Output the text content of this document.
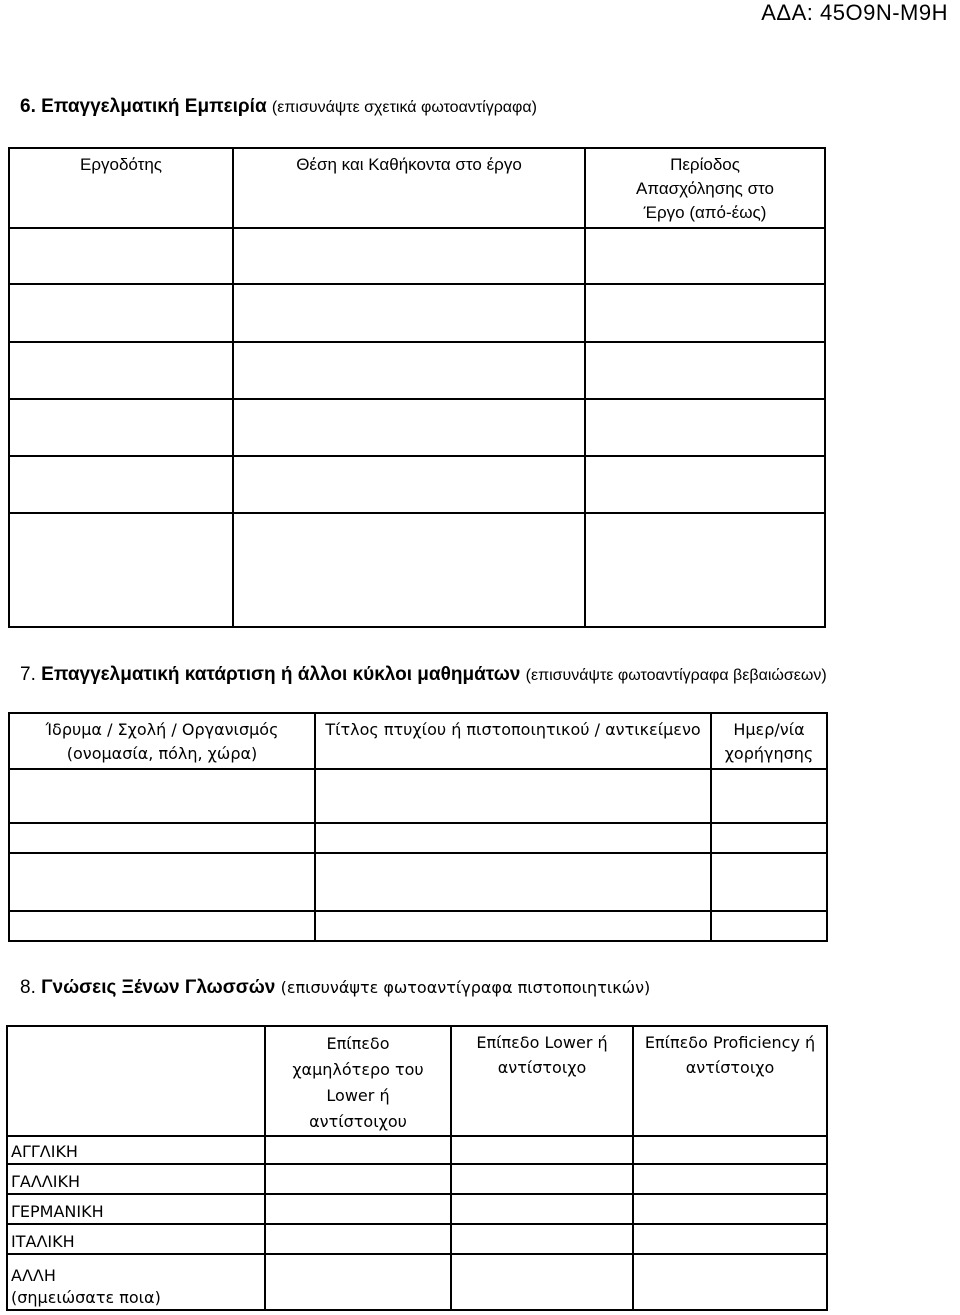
ΑΔΑ: 45Ο9Ν-Μ9Η
6. Επαγγελματική Εμπειρία (επισυνάψτε σχετικά φωτοαντίγραφα)
Εργοδότης	Θέση και Καθήκοντα στο έργο	Περίοδος Απασχόλησης στο Έργο (από-έως)

7. Επαγγελματική κατάρτιση ή άλλοι κύκλοι μαθημάτων (επισυνάψτε φωτοαντίγραφα βεβαιώσεων)
Ίδρυμα / Σχολή / Οργανισμός (ονομασία, πόλη, χώρα)	Τίτλος πτυχίου ή πιστοποιητικού / αντικείμενο	Ημερ/νία χορήγησης

8. Γνώσεις Ξένων Γλωσσών (επισυνάψτε φωτοαντίγραφα πιστοποιητικών)
	Επίπεδο χαμηλότερο του Lower ή αντίστοιχου	Επίπεδο Lower ή αντίστοιχο	Επίπεδο Proficiency ή αντίστοιχο
ΑΓΓΛΙΚΗ			
ΓΑΛΛΙΚΗ			
ΓΕΡΜΑΝΙΚΗ			
ΙΤΑΛΙΚΗ			
ΑΛΛΗ (σημειώσατε ποια)			
